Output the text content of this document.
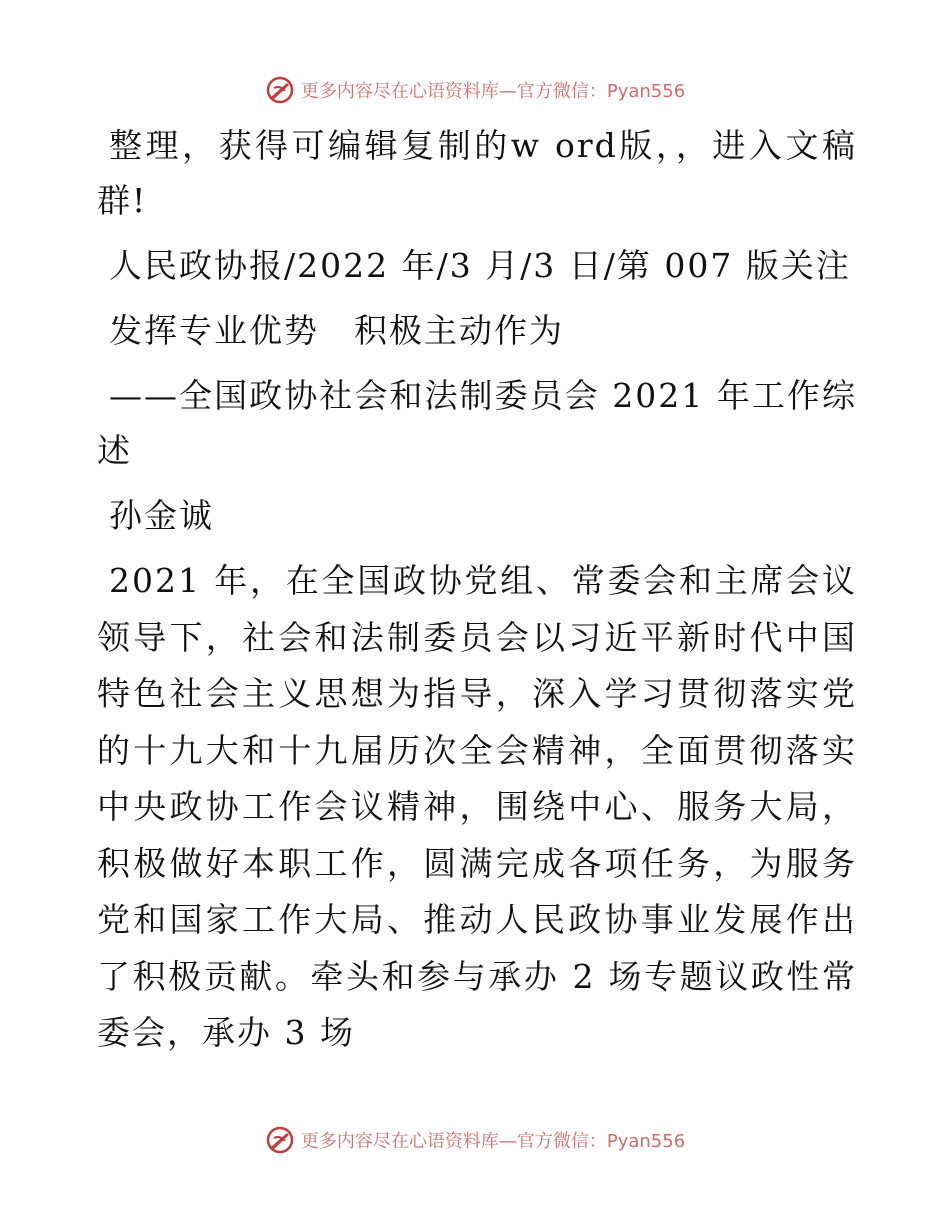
更多内容尽在心语资料库—官方微信：Pyan556

整理，获得可编辑复制的w ord版，，进入文稿群!

人民政协报/2022 年/3 月/3 日/第 007 版关注

发挥专业优势　积极主动作为

——全国政协社会和法制委员会 2021 年工作综述

孙金诚

2021 年，在全国政协党组、常委会和主席会议领导下，社会和法制委员会以习近平新时代中国特色社会主义思想为指导，深入学习贯彻落实党的十九大和十九届历次全会精神，全面贯彻落实中央政协工作会议精神，围绕中心、服务大局，积极做好本职工作，圆满完成各项任务，为服务党和国家工作大局、推动人民政协事业发展作出了积极贡献。牵头和参与承办 2 场专题议政性常委会，承办 3 场

更多内容尽在心语资料库—官方微信：Pyan556
